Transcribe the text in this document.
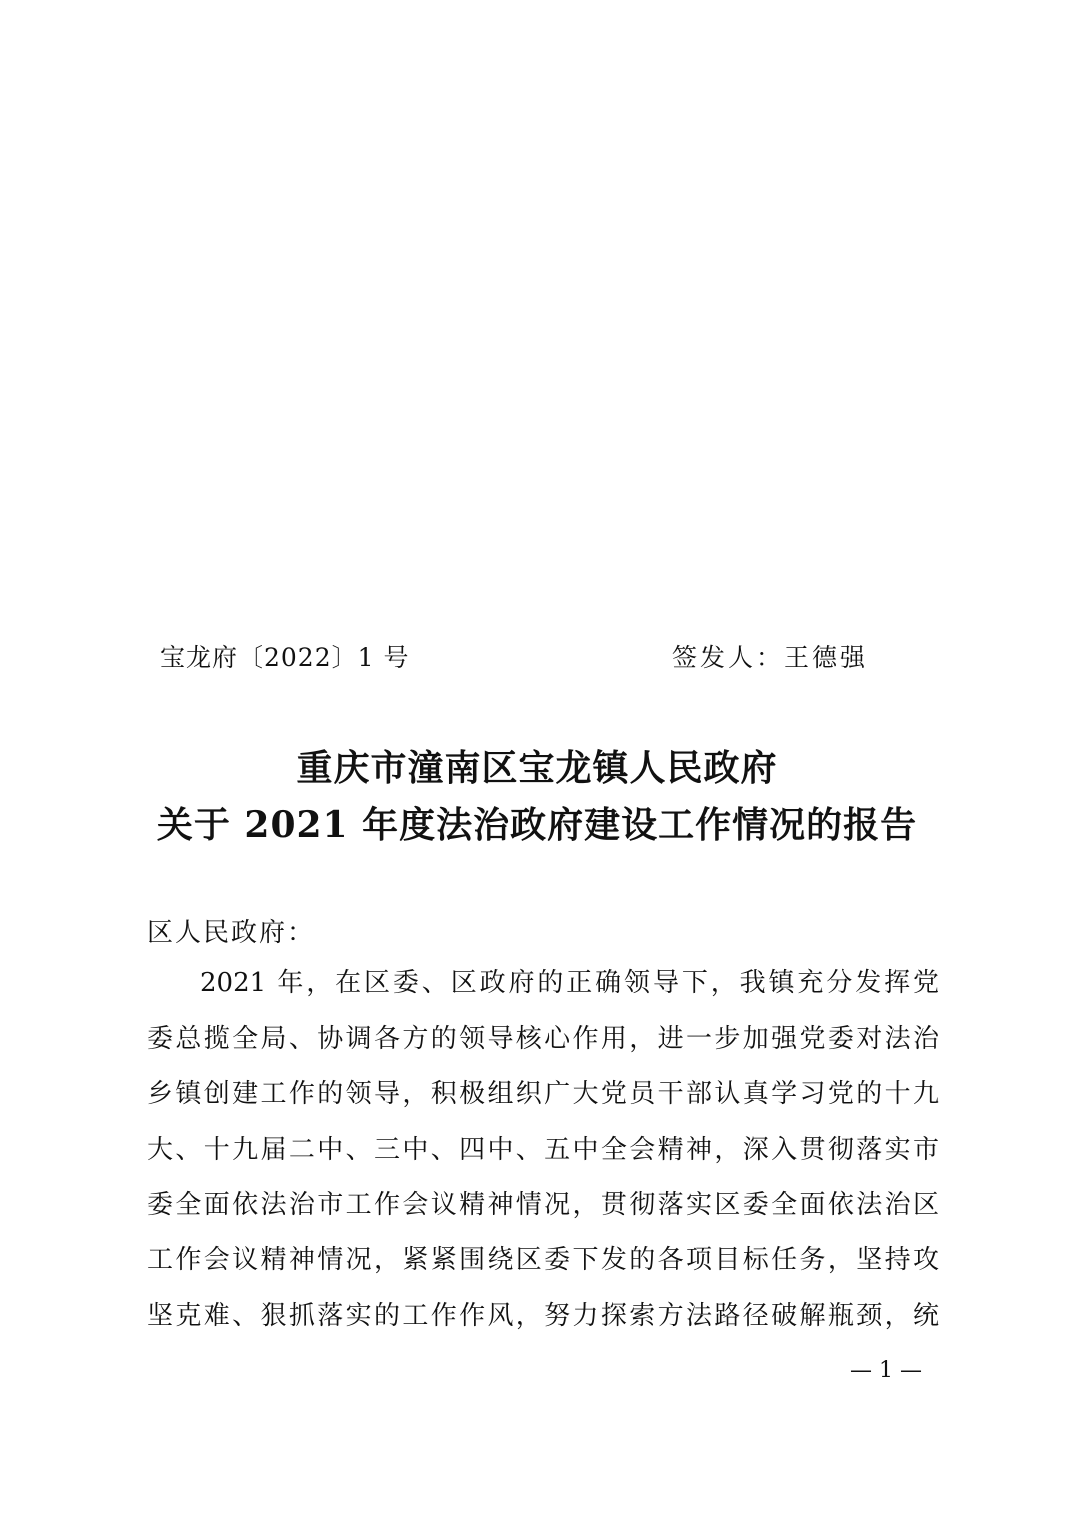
宝龙府〔2022〕1 号	签发人：王德强
重庆市潼南区宝龙镇人民政府
关于 2021 年度法治政府建设工作情况的报告
区人民政府：
2021 年，在区委、区政府的正确领导下，我镇充分发挥党
委总揽全局、协调各方的领导核心作用，进一步加强党委对法治
乡镇创建工作的领导，积极组织广大党员干部认真学习党的十九
大、十九届二中、三中、四中、五中全会精神，深入贯彻落实市
委全面依法治市工作会议精神情况，贯彻落实区委全面依法治区
工作会议精神情况，紧紧围绕区委下发的各项目标任务，坚持攻
坚克难、狠抓落实的工作作风，努力探索方法路径破解瓶颈，统
— 1 —
